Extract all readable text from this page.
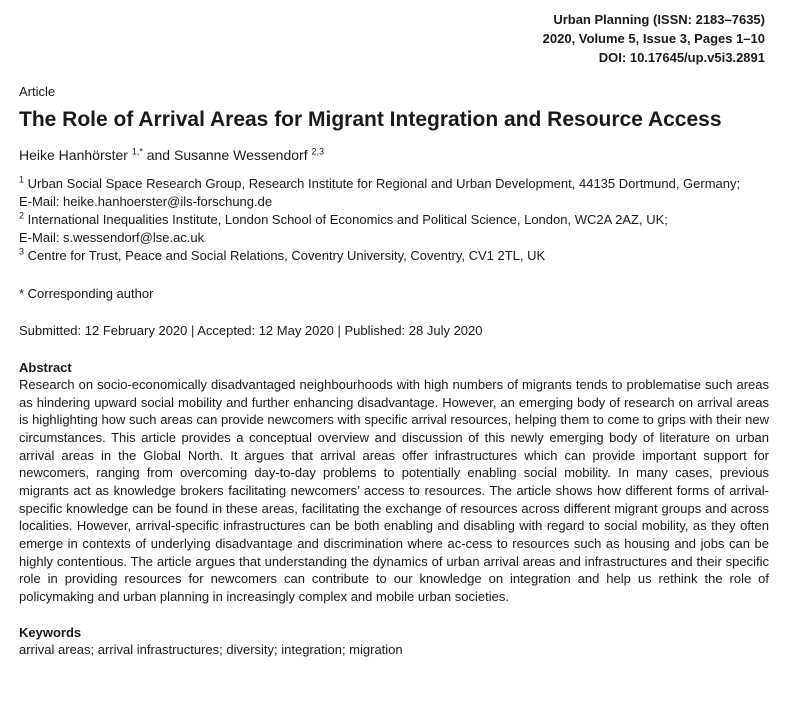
Urban Planning (ISSN: 2183–7635)
2020, Volume 5, Issue 3, Pages 1–10
DOI: 10.17645/up.v5i3.2891
Article
The Role of Arrival Areas for Migrant Integration and Resource Access
Heike Hanhörster $^{1,*}$ and Susanne Wessendorf $^{2,3}$
$^1$ Urban Social Space Research Group, Research Institute for Regional and Urban Development, 44135 Dortmund, Germany;
E-Mail: heike.hanhoerster@ils-forschung.de
$^2$ International Inequalities Institute, London School of Economics and Political Science, London, WC2A 2AZ, UK;
E-Mail: s.wessendorf@lse.ac.uk
$^3$ Centre for Trust, Peace and Social Relations, Coventry University, Coventry, CV1 2TL, UK
* Corresponding author
Submitted: 12 February 2020 | Accepted: 12 May 2020 | Published: 28 July 2020
Abstract
Research on socio-economically disadvantaged neighbourhoods with high numbers of migrants tends to problematise such areas as hindering upward social mobility and further enhancing disadvantage. However, an emerging body of research on arrival areas is highlighting how such areas can provide newcomers with specific arrival resources, helping them to come to grips with their new circumstances. This article provides a conceptual overview and discussion of this newly emerging body of literature on urban arrival areas in the Global North. It argues that arrival areas offer infrastructures which can provide important support for newcomers, ranging from overcoming day-to-day problems to potentially enabling social mobility. In many cases, previous migrants act as knowledge brokers facilitating newcomers’ access to resources. The article shows how different forms of arrival-specific knowledge can be found in these areas, facilitating the exchange of resources across different migrant groups and across localities. However, arrival-specific infrastructures can be both enabling and disabling with regard to social mobility, as they often emerge in contexts of underlying disadvantage and discrimination where ac-cess to resources such as housing and jobs can be highly contentious. The article argues that understanding the dynamics of urban arrival areas and infrastructures and their specific role in providing resources for newcomers can contribute to our knowledge on integration and help us rethink the role of policymaking and urban planning in increasingly complex and mobile urban societies.
Keywords
arrival areas; arrival infrastructures; diversity; integration; migration
